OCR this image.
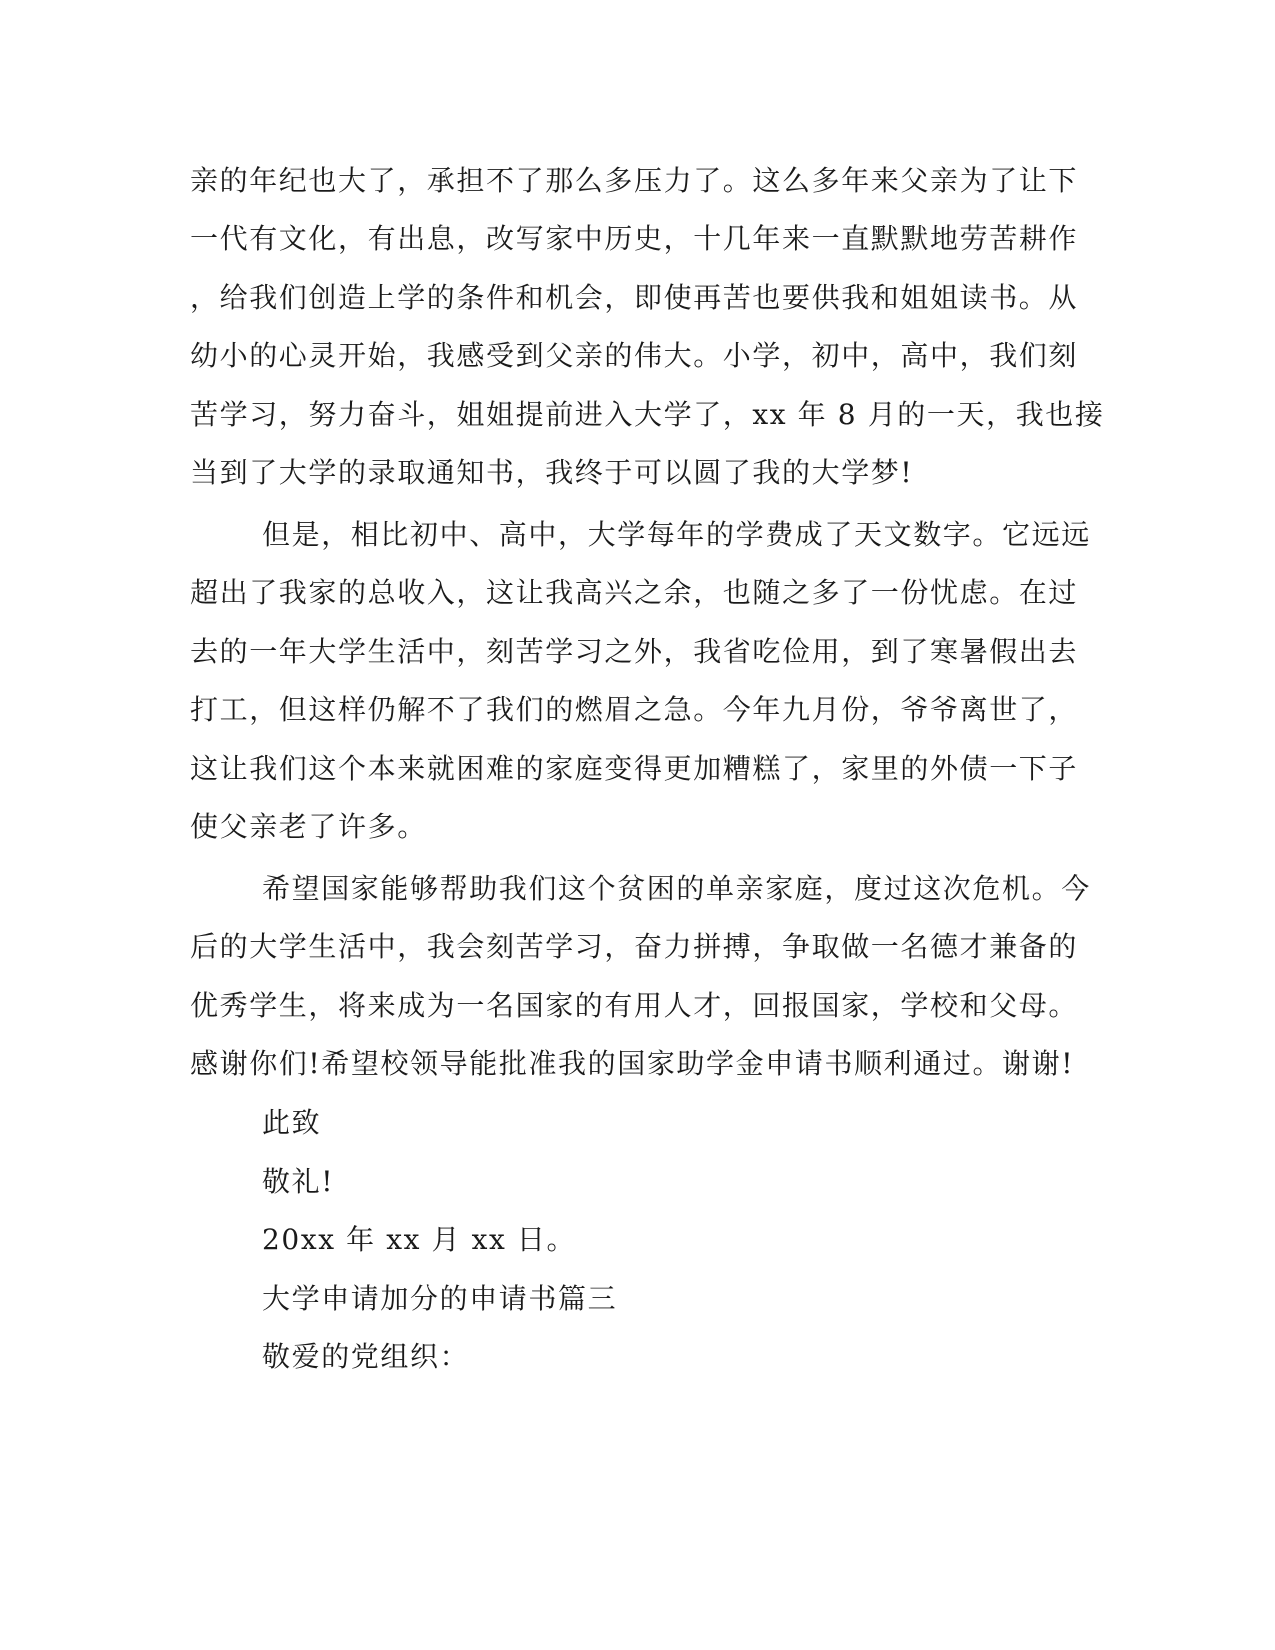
亲的年纪也大了，承担不了那么多压力了。这么多年来父亲为了让下
一代有文化，有出息，改写家中历史，十几年来一直默默地劳苦耕作
，给我们创造上学的条件和机会，即使再苦也要供我和姐姐读书。从
幼小的心灵开始，我感受到父亲的伟大。小学，初中，高中，我们刻
苦学习，努力奋斗，姐姐提前进入大学了，xx 年 8 月的一天，我也接
当到了大学的录取通知书，我终于可以圆了我的大学梦!
但是，相比初中、高中，大学每年的学费成了天文数字。它远远
超出了我家的总收入，这让我高兴之余，也随之多了一份忧虑。在过
去的一年大学生活中，刻苦学习之外，我省吃俭用，到了寒暑假出去
打工，但这样仍解不了我们的燃眉之急。今年九月份，爷爷离世了，
这让我们这个本来就困难的家庭变得更加糟糕了，家里的外债一下子
使父亲老了许多。
希望国家能够帮助我们这个贫困的单亲家庭，度过这次危机。今
后的大学生活中，我会刻苦学习，奋力拼搏，争取做一名德才兼备的
优秀学生，将来成为一名国家的有用人才，回报国家，学校和父母。
感谢你们!希望校领导能批准我的国家助学金申请书顺利通过。谢谢!
此致
敬礼!
20xx 年 xx 月 xx 日。
大学申请加分的申请书篇三
敬爱的党组织：
